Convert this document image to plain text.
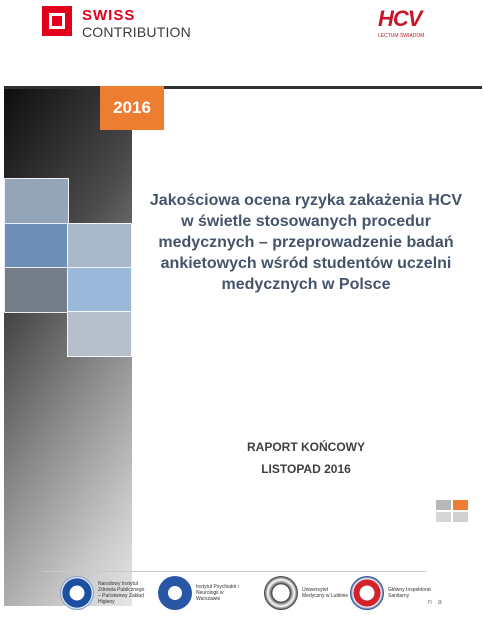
SWISS
CONTRIBUTION
HCV
LECTUM ŚWIADOM
2016
Jakościowa ocena ryzyka zakażenia HCV w świetle stosowanych procedur medycznych – przeprowadzenie badań ankietowych wśród studentów uczelni medycznych w Polsce
RAPORT KOŃCOWY
LISTOPAD 2016
Narodowy Instytut Zdrowia Publicznego – Państwowy Zakład Higieny
Instytut Psychiatrii i Neurologii w Warszawie
Uniwersytet Medyczny w Lublinie
Główny Inspektorat Sanitarny
n a
